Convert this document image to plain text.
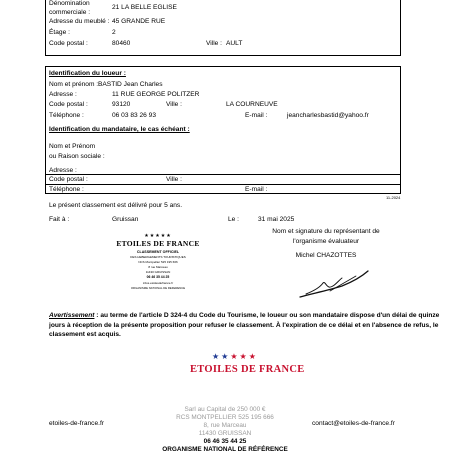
Dénomination
commerciale :
21 LA BELLE EGLISE
Adresse du meublé : 45 GRANDE RUE
Étage :	2
Code postal :	80460	Ville : AULT
Identification du loueur :
Nom et prénom : BASTID Jean Charles
Adresse :	11 RUE GEORGE POLITZER
Code postal :	93120	Ville :	LA COURNEUVE
Téléphone :	06 03 83 26 93	E-mail :	jeancharlesbastid@yahoo.fr
Identification du mandataire, le cas échéant :
Nom et Prénom
ou Raison sociale :
Adresse :
Code postal :	Ville :
Téléphone :	E-mail :
11-2024
Le présent classement est délivré pour 5 ans.
Fait à :	Gruissan	Le :	31 mai 2025
Nom et signature du représentant de
l'organisme évaluateur
Michel CHAZOTTES
★★★★★
ETOILES DE FRANCE
CLASSEMENT OFFICIEL
DES HEBERGEMENTS TOURISTIQUES
NCS Montpellier 525 195 666
8 rue Marceau
11430 GRUISSAN
06 46 35 44 25
infos.etoilesdefrance.fr
ORGANISME NATIONAL DE REFERENCE
Avertissement : au terme de l'article D 324-4 du Code du Tourisme, le loueur ou son mandataire dispose d'un délai de quinze
jours à réception de la présente proposition pour refuser le classement. À l'expiration de ce délai et en l'absence de refus, le
classement est acquis.
★★★★★
ETOILES DE FRANCE
Sarl au Capital de 250 000 €
RCS MONTPELLIER 525 195 666
8, rue Marceau
11430 GRUISSAN
06 46 35 44 25
ORGANISME NATIONAL DE RÉFÉRENCE
etoiles-de-france.fr	contact@etoiles-de-france.fr
